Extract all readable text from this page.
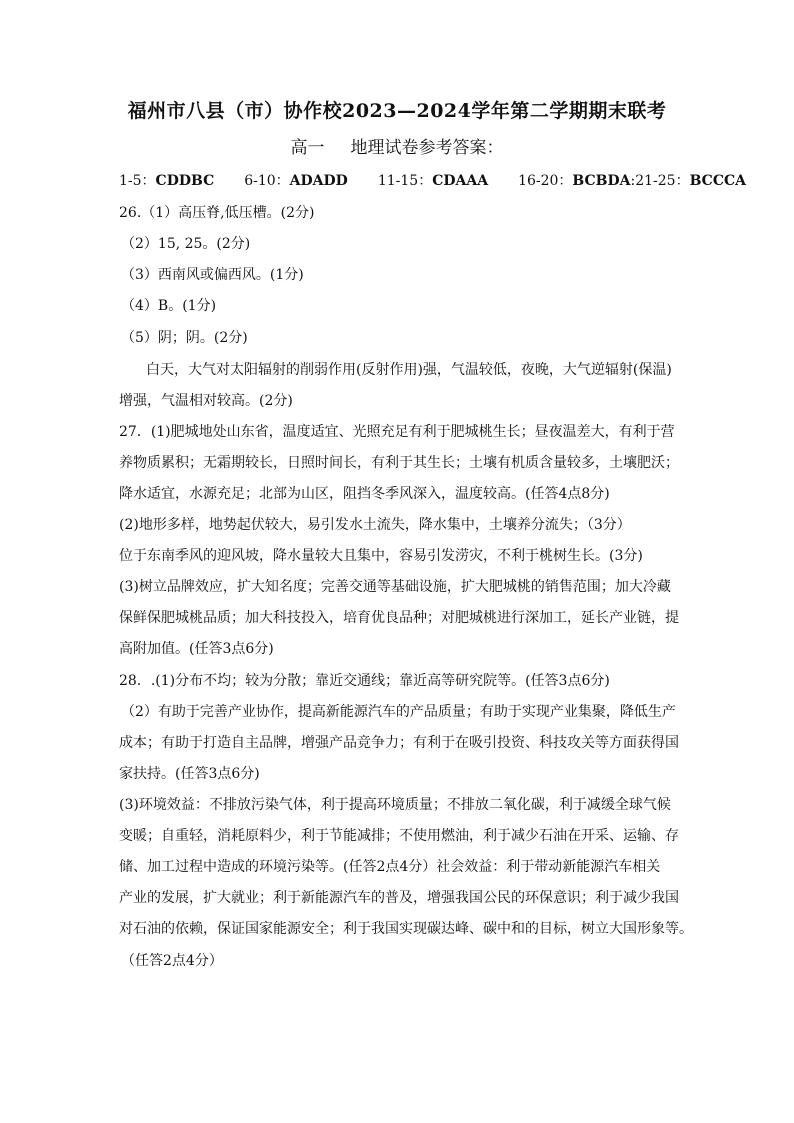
福州市八县（市）协作校2023—2024学年第二学期期末联考
高一 地理试卷参考答案：
1-5：CDDBC 6-10：ADADD 11-15：CDAAA 16-20：BCBDA:21-25：BCCCA
26.（1）高压脊,低压槽。(2分)
（2）15, 25。(2分)
（3）西南风或偏西风。(1分)
（4）B。(1分)
（5）阴；阴。(2分)
白天，大气对太阳辐射的削弱作用(反射作用)强，气温较低，夜晚，大气逆辐射(保温)
增强，气温相对较高。(2分)
27．(1)肥城地处山东省，温度适宜、光照充足有利于肥城桃生长；昼夜温差大，有利于营
养物质累积；无霜期较长，日照时间长，有利于其生长；土壤有机质含量较多，土壤肥沃；
降水适宜，水源充足；北部为山区，阻挡冬季风深入，温度较高。(任答4点8分)
(2)地形多样，地势起伏较大，易引发水土流失，降水集中，土壤养分流失；（3分）
位于东南季风的迎风坡，降水量较大且集中，容易引发涝灾，不利于桃树生长。(3分)
(3)树立品牌效应，扩大知名度；完善交通等基础设施，扩大肥城桃的销售范围；加大冷藏
保鲜保肥城桃品质；加大科技投入，培育优良品种；对肥城桃进行深加工，延长产业链，提
高附加值。(任答3点6分)
28．.(1)分布不均；较为分散；靠近交通线；靠近高等研究院等。(任答3点6分)
（2）有助于完善产业协作，提高新能源汽车的产品质量；有助于实现产业集聚，降低生产
成本；有助于打造自主品牌，增强产品竞争力；有利于在吸引投资、科技攻关等方面获得国
家扶持。(任答3点6分)
(3)环境效益：不排放污染气体，利于提高环境质量；不排放二氧化碳，利于减缓全球气候
变暖；自重轻，消耗原料少，利于节能减排；不使用燃油，利于减少石油在开采、运输、存
储、加工过程中造成的环境污染等。(任答2点4分）社会效益：利于带动新能源汽车相关
产业的发展，扩大就业；利于新能源汽车的普及，增强我国公民的环保意识；利于减少我国
对石油的依赖，保证国家能源安全；利于我国实现碳达峰、碳中和的目标，树立大国形象等。
（任答2点4分）
